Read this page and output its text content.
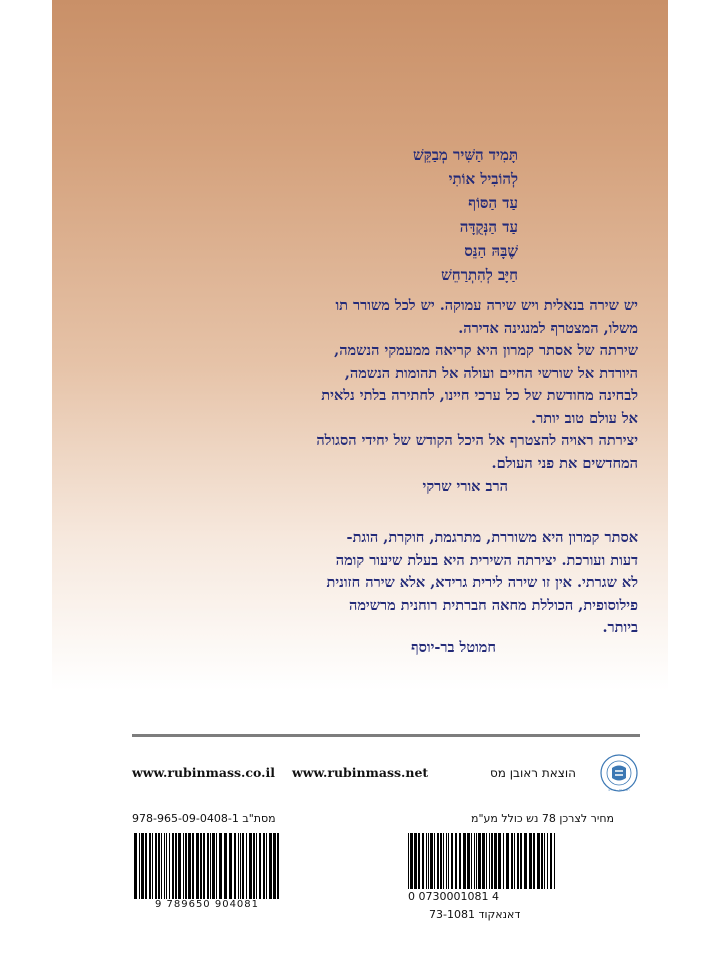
תָּמִיד הַשִּׁיר מְבַקֵּשׁ
לְהוֹבִיל אוֹתִי
עַד הַסּוֹף
עַד הַנְּקֻדָּה
שֶׁבָּהּ הַנֵּס
חַיָּב לְהִתְרַחֵשׁ
יש שירה בנאלית ויש שירה עמוקה. יש לכל משורר תו
משלו, המצטרף למנגינה אדירה.
שירתה של אסתר קמרון היא קריאה ממעמקי הנשמה,
היורדת אל שורשי החיים ועולה אל תהומות הנשמה,
לבחינה מחודשת של כל ערכי חיינו, לחתירה בלתי נלאית
אל עולם טוב יותר.
יצירתה ראויה להצטרף אל היכל הקודש של יחידי הסגולה
המחדשים את פני העולם.
הרב אורי שרקי
אסתר קמרון היא משוררת, מתרגמת, חוקרת, הוגת-
דעות ועורכת. יצירתה השירית היא בעלת שיעור קומה
לא שגרתי. אין זו שירה לירית גרידא, אלא שירה חזונית
פילוסופית, הכוללת מחאה חברתית רוחנית מרשימה
ביותר.
חמוטל בר-יוסף
ראובן מס · מו״לים
הוצאת ראובן מס
www.rubinmass.net
www.rubinmass.co.il
מחיר לצרכן 78 נש כולל מע"מ
מסת"ב 978-965-09-0408-1
9 789650 904081
0 0730001081 4
דאנאקוד 73-1081
